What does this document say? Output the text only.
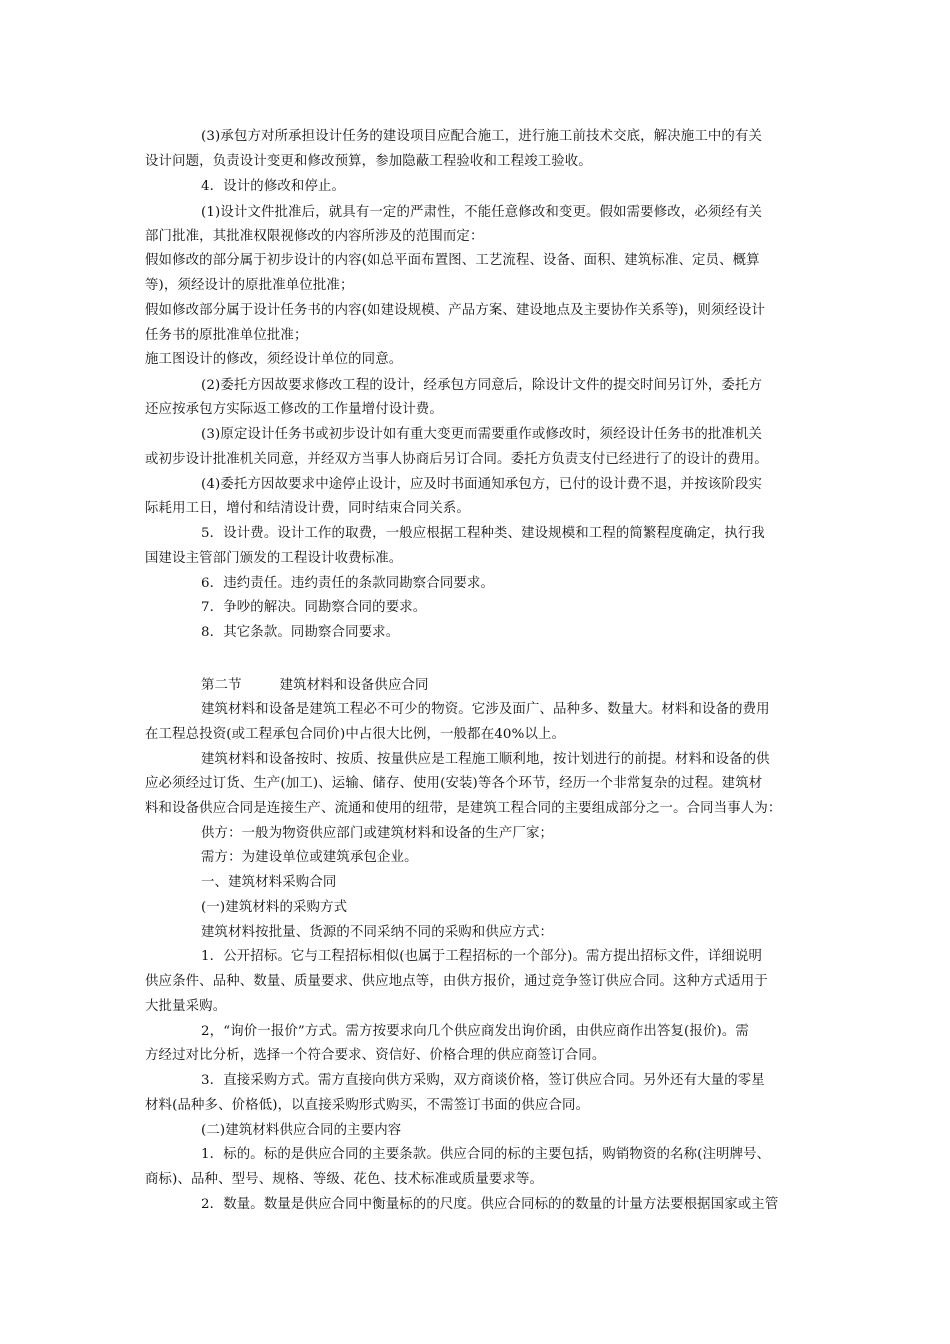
(3)承包方对所承担设计任务的建设项目应配合施工，进行施工前技术交底，解决施工中的有关
设计问题，负责设计变更和修改预算，参加隐蔽工程验收和工程竣工验收。
4．设计的修改和停止。
(1)设计文件批准后，就具有一定的严肃性，不能任意修改和变更。假如需要修改，必须经有关
部门批准，其批准权限视修改的内容所涉及的范围而定：
假如修改的部分属于初步设计的内容(如总平面布置图、工艺流程、设备、面积、建筑标准、定员、概算
等)，须经设计的原批准单位批准；
假如修改部分属于设计任务书的内容(如建设规模、产品方案、建设地点及主要协作关系等)，则须经设计
任务书的原批准单位批准；
施工图设计的修改，须经设计单位的同意。
(2)委托方因故要求修改工程的设计，经承包方同意后，除设计文件的提交时间另订外，委托方
还应按承包方实际返工修改的工作量增付设计费。
(3)原定设计任务书或初步设计如有重大变更而需要重作或修改时，须经设计任务书的批准机关
或初步设计批准机关同意，并经双方当事人协商后另订合同。委托方负责支付已经进行了的设计的费用。
(4)委托方因故要求中途停止设计，应及时书面通知承包方，已付的设计费不退，并按该阶段实
际耗用工日，增付和结清设计费，同时结束合同关系。
5．设计费。设计工作的取费，一般应根据工程种类、建设规模和工程的简繁程度确定，执行我
国建设主管部门颁发的工程设计收费标准。
6．违约责任。违约责任的条款同勘察合同要求。
7．争吵的解决。同勘察合同的要求。
8．其它条款。同勘察合同要求。
第二节	建筑材料和设备供应合同
建筑材料和设备是建筑工程必不可少的物资。它涉及面广、品种多、数量大。材料和设备的费用
在工程总投资(或工程承包合同价)中占很大比例，一般都在40%以上。
建筑材料和设备按时、按质、按量供应是工程施工顺利地，按计划进行的前提。材料和设备的供
应必须经过订货、生产(加工)、运输、储存、使用(安装)等各个环节，经历一个非常复杂的过程。建筑材
料和设备供应合同是连接生产、流通和使用的纽带，是建筑工程合同的主要组成部分之一。合同当事人为：
供方：一般为物资供应部门或建筑材料和设备的生产厂家；
需方：为建设单位或建筑承包企业。
一、建筑材料采购合同
(一)建筑材料的采购方式
建筑材料按批量、货源的不同采纳不同的采购和供应方式：
1．公开招标。它与工程招标相似(也属于工程招标的一个部分)。需方提出招标文件，详细说明
供应条件、品种、数量、质量要求、供应地点等，由供方报价，通过竞争签订供应合同。这种方式适用于
大批量采购。
2，“询价一报价”方式。需方按要求向几个供应商发出询价函，由供应商作出答复(报价)。需
方经过对比分析，选择一个符合要求、资信好、价格合理的供应商签订合同。
3．直接采购方式。需方直接向供方采购，双方商谈价格，签订供应合同。另外还有大量的零星
材料(品种多、价格低)，以直接采购形式购买，不需签订书面的供应合同。
(二)建筑材料供应合同的主要内容
1．标的。标的是供应合同的主要条款。供应合同的标的主要包括，购销物资的名称(注明牌号、
商标)、品种、型号、规格、等级、花色、技术标准或质量要求等。
2．数量。数量是供应合同中衡量标的的尺度。供应合同标的的数量的计量方法要根据国家或主管
